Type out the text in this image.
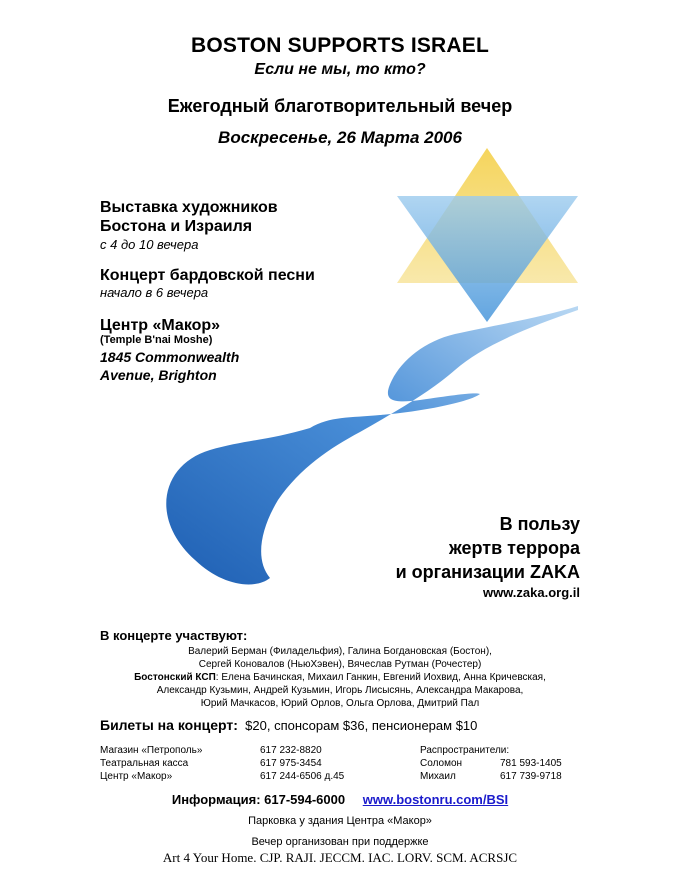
BOSTON SUPPORTS ISRAEL
Если не мы, то кто?
Ежегодный благотворительный вечер
Воскресенье, 26 Марта 2006
Выставка художников
Бостона и Израиля
с 4 до 10 вечера
Концерт бардовской песни
начало в 6 вечера
Центр «Макор»
(Temple B'nai Moshe)
1845 Commonwealth
Avenue, Brighton
В пользу
жертв террора
и организации ZAKA
www.zaka.org.il
В концерте участвуют:
Валерий Берман (Филадельфия), Галина Богдановская (Бостон),
Сергей Коновалов (НьюХэвен), Вячеслав Рутман (Рочестер)
Бостонский КСП: Елена Бачинская, Михаил Ганкин, Евгений Иохвид, Анна Кричевская,
Александр Кузьмин, Андрей Кузьмин, Игорь Лисысянь, Александра Макарова,
Юрий Мачкасов, Юрий Орлов, Ольга Орлова, Дмитрий Пал
Билеты на концерт: $20, спонсорам $36, пенсионерам $10
Магазин «Петрополь»
Театральная касса
Центр «Макор»
617 232-8820
617 975-3454
617 244-6506 д.45
Распространители:
Соломон
Михаил
781 593-1405
617 739-9718
Информация: 617-594-6000 www.bostonru.com/BSI
Парковка у здания Центра «Макор»
Вечер организован при поддержке
Art 4 Your Home. CJP. RAJI. JECCM. IAC. LORV. SCM. ACRSJC
